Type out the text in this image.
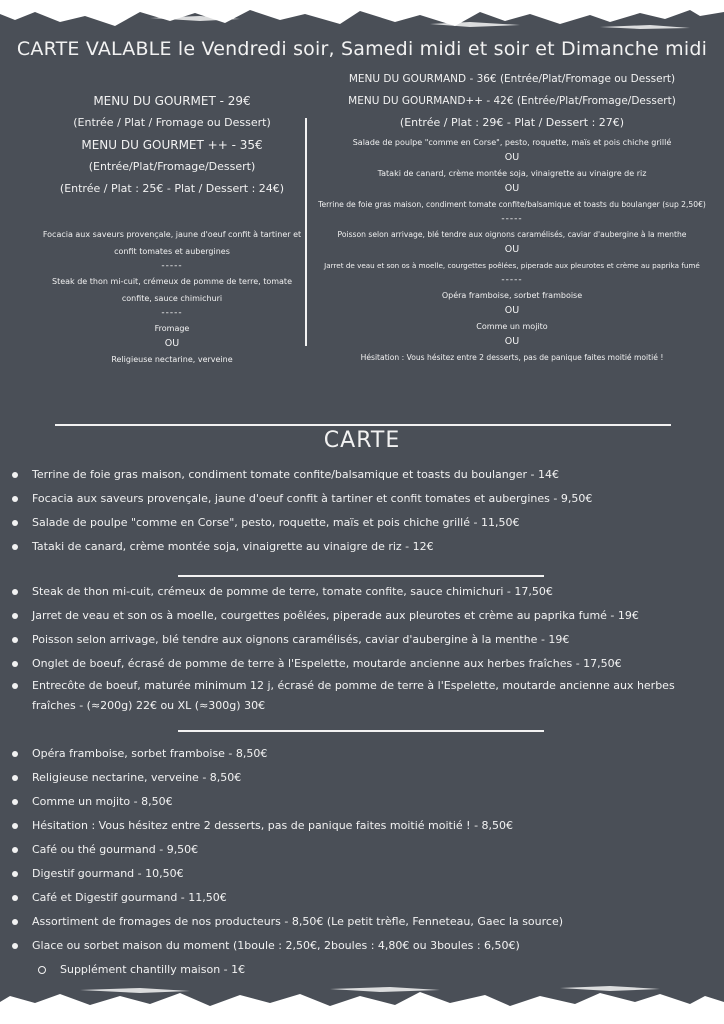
CARTE VALABLE le Vendredi soir, Samedi midi et soir et Dimanche midi
MENU DU GOURMET - 29€
(Entrée / Plat / Fromage ou Dessert)
MENU DU GOURMET ++ - 35€
(Entrée/Plat/Fromage/Dessert)
(Entrée / Plat : 25€ - Plat / Dessert : 24€)
Focacia aux saveurs provençale, jaune d'oeuf confit à tartiner et confit tomates et aubergines
-----
Steak de thon mi-cuit, crémeux de pomme de terre, tomate confite, sauce chimichuri
-----
Fromage
OU
Religieuse nectarine, verveine
MENU DU GOURMAND - 36€ (Entrée/Plat/Fromage ou Dessert)
MENU DU GOURMAND++ - 42€ (Entrée/Plat/Fromage/Dessert)
(Entrée / Plat : 29€ - Plat / Dessert : 27€)
Salade de poulpe "comme en Corse", pesto, roquette, maïs et pois chiche grillé
OU
Tataki de canard, crème montée soja, vinaigrette au vinaigre de riz
OU
Terrine de foie gras maison, condiment tomate confite/balsamique et toasts du boulanger (sup 2,50€)
-----
Poisson selon arrivage, blé tendre aux oignons caramélisés, caviar d'aubergine à la menthe
OU
Jarret de veau et son os à moelle, courgettes poêlées, piperade aux pleurotes et crème au paprika fumé
-----
Opéra framboise, sorbet framboise
OU
Comme un mojito
OU
Hésitation : Vous hésitez entre 2 desserts, pas de panique faites moitié moitié !
CARTE
Terrine de foie gras maison, condiment tomate confite/balsamique et toasts du boulanger - 14€
Focacia aux saveurs provençale, jaune d'oeuf confit à tartiner et confit tomates et aubergines - 9,50€
Salade de poulpe "comme en Corse", pesto, roquette, maïs et pois chiche grillé - 11,50€
Tataki de canard, crème montée soja, vinaigrette au vinaigre de riz - 12€
Steak de thon mi-cuit, crémeux de pomme de terre, tomate confite, sauce chimichuri - 17,50€
Jarret de veau et son os à moelle, courgettes poêlées, piperade aux pleurotes et crème au paprika fumé - 19€
Poisson selon arrivage, blé tendre aux oignons caramélisés, caviar d'aubergine à la menthe - 19€
Onglet de boeuf, écrasé de pomme de terre à l'Espelette, moutarde ancienne aux herbes fraîches - 17,50€
Entrecôte de boeuf, maturée minimum 12 j, écrasé de pomme de terre à l'Espelette, moutarde ancienne aux herbes fraîches - (≈200g) 22€ ou XL (≈300g) 30€
Opéra framboise, sorbet framboise - 8,50€
Religieuse nectarine, verveine - 8,50€
Comme un mojito - 8,50€
Hésitation : Vous hésitez entre 2 desserts, pas de panique faites moitié moitié ! - 8,50€
Café ou thé gourmand - 9,50€
Digestif gourmand - 10,50€
Café et Digestif gourmand - 11,50€
Assortiment de fromages de nos producteurs - 8,50€ (Le petit trèfle, Fenneteau, Gaec la source)
Glace ou sorbet maison du moment (1boule : 2,50€, 2boules : 4,80€ ou 3boules : 6,50€)
Supplément chantilly maison - 1€
